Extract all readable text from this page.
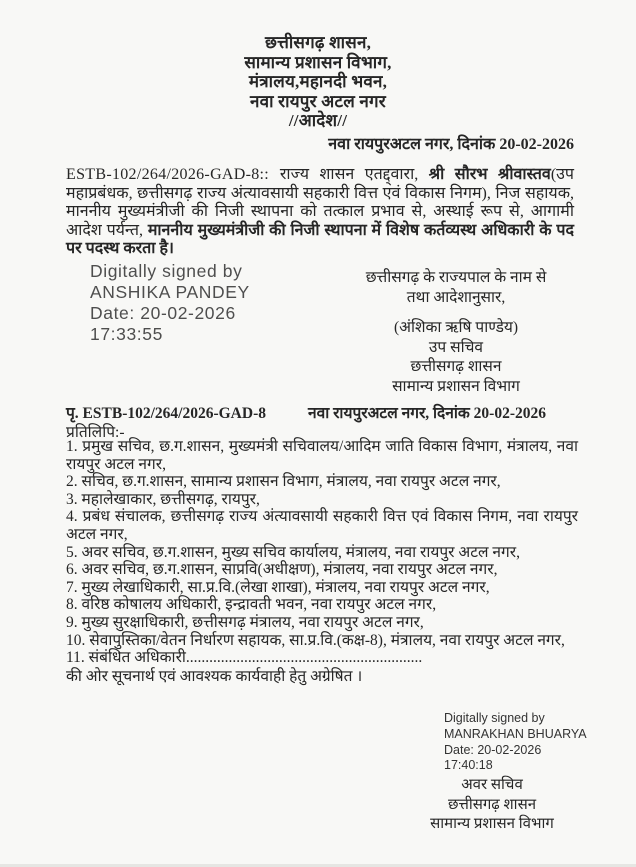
छत्तीसगढ़ शासन,
सामान्य प्रशासन विभाग,
मंत्रालय,महानदी भवन,
नवा रायपुर अटल नगर
//आदेश//
नवा रायपुरअटल नगर, दिनांक 20-02-2026
ESTB-102/264/2026-GAD-8:: राज्य शासन एतद्द्वारा, श्री सौरभ श्रीवास्तव(उप महाप्रबंधक, छत्तीसगढ़ राज्य अंत्यावसायी सहकारी वित्त एवं विकास निगम), निज सहायक, माननीय मुख्यमंत्रीजी की निजी स्थापना को तत्काल प्रभाव से, अस्थाई रूप से, आगामी आदेश पर्यन्त, माननीय मुख्यमंत्रीजी की निजी स्थापना में विशेष कर्तव्यस्थ अधिकारी के पद पर पदस्थ करता है।
Digitally signed by
ANSHIKA PANDEY
Date: 20-02-2026
17:33:55
छत्तीसगढ़ के राज्यपाल के नाम से
तथा आदेशानुसार,
(अंशिका ऋषि पाण्डेय)
उप सचिव
छत्तीसगढ़ शासन
सामान्य प्रशासन विभाग
पृ. ESTB-102/264/2026-GAD-8	नवा रायपुरअटल नगर, दिनांक 20-02-2026
प्रतिलिपि:-
1. प्रमुख सचिव, छ.ग.शासन, मुख्यमंत्री सचिवालय/आदिम जाति विकास विभाग, मंत्रालय, नवा रायपुर अटल नगर,
2. सचिव, छ.ग.शासन, सामान्य प्रशासन विभाग, मंत्रालय, नवा रायपुर अटल नगर,
3. महालेखाकार, छत्तीसगढ़, रायपुर,
4. प्रबंध संचालक, छत्तीसगढ़ राज्य अंत्यावसायी सहकारी वित्त एवं विकास निगम, नवा रायपुर अटल नगर,
5. अवर सचिव, छ.ग.शासन, मुख्य सचिव कार्यालय, मंत्रालय, नवा रायपुर अटल नगर,
6. अवर सचिव, छ.ग.शासन, साप्रवि(अधीक्षण), मंत्रालय, नवा रायपुर अटल नगर,
7. मुख्य लेखाधिकारी, सा.प्र.वि.(लेखा शाखा), मंत्रालय, नवा रायपुर अटल नगर,
8. वरिष्ठ कोषालय अधिकारी, इन्द्रावती भवन, नवा रायपुर अटल नगर,
9. मुख्य सुरक्षाधिकारी, छत्तीसगढ़ मंत्रालय, नवा रायपुर अटल नगर,
10. सेवापुस्तिका/वेतन निर्धारण सहायक, सा.प्र.वि.(कक्ष-8), मंत्रालय, नवा रायपुर अटल नगर,
11. संबंधित अधिकारी.............................................................
की ओर सूचनार्थ एवं आवश्यक कार्यवाही हेतु अग्रेषित ।
Digitally signed by
MANRAKHAN BHUARYA
Date: 20-02-2026
17:40:18
अवर सचिव
छत्तीसगढ़ शासन
सामान्य प्रशासन विभाग
